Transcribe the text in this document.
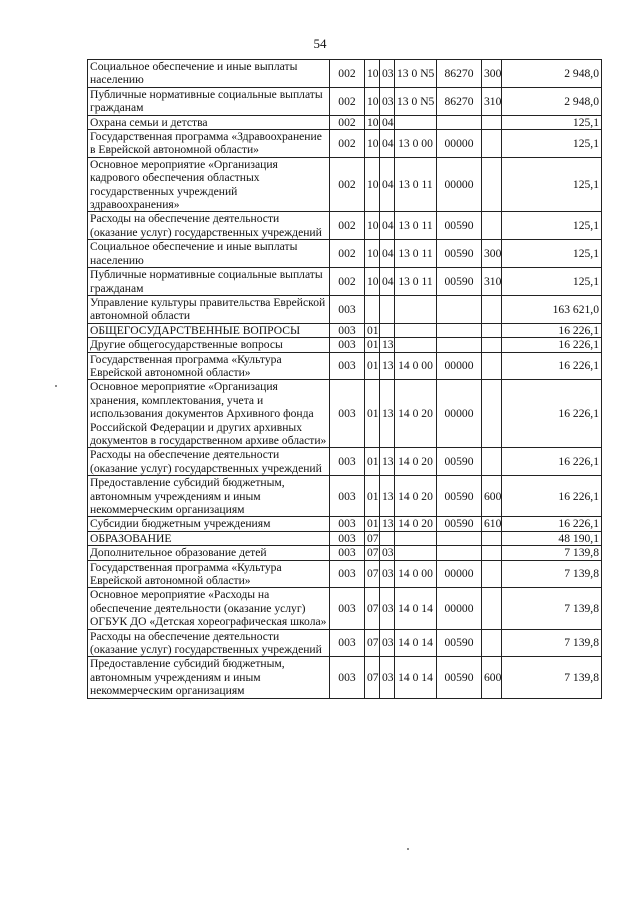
54
Социальное обеспечение и иные выплаты населению	002	10	03	13 0 N5	86270	300	2 948,0
Публичные нормативные социальные выплаты гражданам	002	10	03	13 0 N5	86270	310	2 948,0
Охрана семьи и детства	002	10	04				125,1
Государственная программа «Здравоохранение в Еврейской автономной области»	002	10	04	13 0 00	00000		125,1
Основное мероприятие «Организация кадрового обеспечения областных государственных учреждений здравоохранения»	002	10	04	13 0 11	00000		125,1
Расходы на обеспечение деятельности (оказание услуг) государственных учреждений	002	10	04	13 0 11	00590		125,1
Социальное обеспечение и иные выплаты населению	002	10	04	13 0 11	00590	300	125,1
Публичные нормативные социальные выплаты гражданам	002	10	04	13 0 11	00590	310	125,1
Управление культуры правительства Еврейской автономной области	003						163 621,0
ОБЩЕГОСУДАРСТВЕННЫЕ ВОПРОСЫ	003	01					16 226,1
Другие общегосударственные вопросы	003	01	13				16 226,1
Государственная программа «Культура Еврейской автономной области»	003	01	13	14 0 00	00000		16 226,1
Основное мероприятие «Организация хранения, комплектования, учета и использования документов Архивного фонда Российской Федерации и других архивных документов в государственном архиве области»	003	01	13	14 0 20	00000		16 226,1
Расходы на обеспечение деятельности (оказание услуг) государственных учреждений	003	01	13	14 0 20	00590		16 226,1
Предоставление субсидий бюджетным, автономным учреждениям и иным некоммерческим организациям	003	01	13	14 0 20	00590	600	16 226,1
Субсидии бюджетным учреждениям	003	01	13	14 0 20	00590	610	16 226,1
ОБРАЗОВАНИЕ	003	07					48 190,1
Дополнительное образование детей	003	07	03				7 139,8
Государственная программа «Культура Еврейской автономной области»	003	07	03	14 0 00	00000		7 139,8
Основное мероприятие «Расходы на обеспечение деятельности (оказание услуг) ОГБУК ДО «Детская хореографическая школа»	003	07	03	14 0 14	00000		7 139,8
Расходы на обеспечение деятельности (оказание услуг) государственных учреждений	003	07	03	14 0 14	00590		7 139,8
Предоставление субсидий бюджетным, автономным учреждениям и иным некоммерческим организациям	003	07	03	14 0 14	00590	600	7 139,8
